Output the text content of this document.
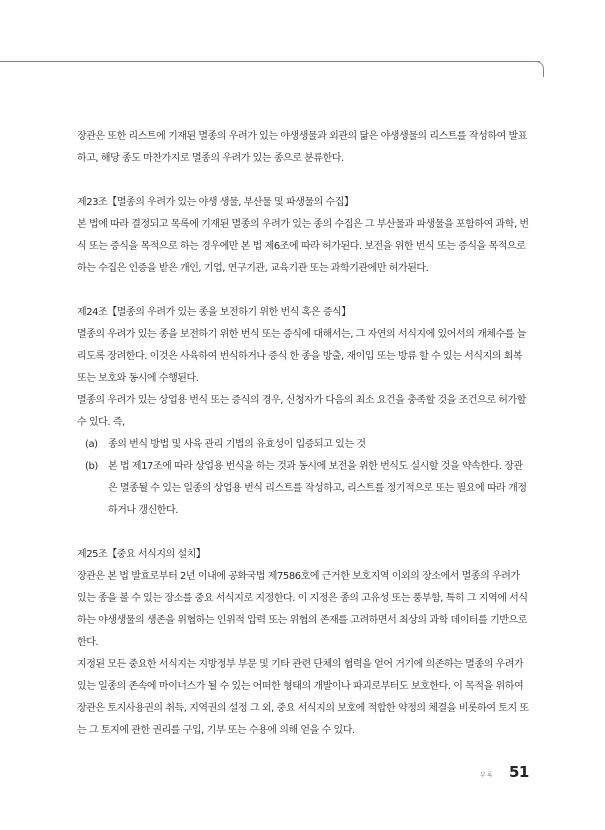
장관은 또한 리스트에 기재된 멸종의 우려가 있는 야생생물과 외관의 닮은 야생생물의 리스트를 작성하여 발표하고, 해당 종도 마찬가지로 멸종의 우려가 있는 종으로 분류한다.

제23조【멸종의 우려가 있는 야생 생물, 부산물 및 파생물의 수집】

본 법에 따라 결정되고 목록에 기재된 멸종의 우려가 있는 종의 수집은 그 부산물과 파생물을 포함하여 과학, 번식 또는 증식을 목적으로 하는 경우에만 본 법 제6조에 따라 허가된다. 보전을 위한 번식 또는 증식을 목적으로 하는 수집은 인증을 받은 개인, 기업, 연구기관, 교육기관 또는 과학기관에만 허가된다.

제24조【멸종의 우려가 있는 종을 보전하기 위한 번식 혹은 증식】

멸종의 우려가 있는 종을 보전하기 위한 번식 또는 증식에 대해서는, 그 자연의 서식지에 있어서의 개체수를 늘리도록 장려한다. 이것은 사육하여 번식하거나 증식 한 종을 방출, 재이입 또는 방류 할 수 있는 서식지의 회복 또는 보호와 동시에 수행된다.

멸종의 우려가 있는 상업용 번식 또는 증식의 경우, 신청자가 다음의 최소 요건을 충족할 것을 조건으로 허가할 수 있다. 즉,

(a)	종의 번식 방법 및 사육 관리 기법의 유효성이 입증되고 있는 것
(b)	본 법 제17조에 따라 상업용 번식을 하는 것과 동시에 보전을 위한 번식도 실시할 것을 약속한다. 장관은 멸종될 수 있는 일종의 상업용 번식 리스트를 작성하고, 리스트를 정기적으로 또는 필요에 따라 개정하거나 갱신한다.

제25조【중요 서식지의 설치】

장관은 본 법 발효로부터 2년 이내에 공화국법 제7586호에 근거한 보호지역 이외의 장소에서 멸종의 우려가 있는 종을 볼 수 있는 장소를 중요 서식지로 지정한다. 이 지정은 종의 고유성 또는 풍부함, 특히 그 지역에 서식하는 야생생물의 생존을 위협하는 인위적 압력 또는 위협의 존재를 고려하면서 최상의 과학 데이터를 기반으로 한다.

지정된 모든 중요한 서식지는 지방정부 부문 및 기타 관련 단체의 협력을 얻어 거기에 의존하는 멸종의 우려가 있는 일종의 존속에 마이너스가 될 수 있는 어떠한 형태의 개발이나 파괴로부터도 보호한다. 이 목적을 위하여 장관은 토지사용권의 취득, 지역권의 설정 그 외, 중요 서식지의 보호에 적합한 약정의 체결을 비롯하여 토지 또는 그 토지에 관한 권리를 구입, 기부 또는 수용에 의해 얻을 수 있다.

부록 51
